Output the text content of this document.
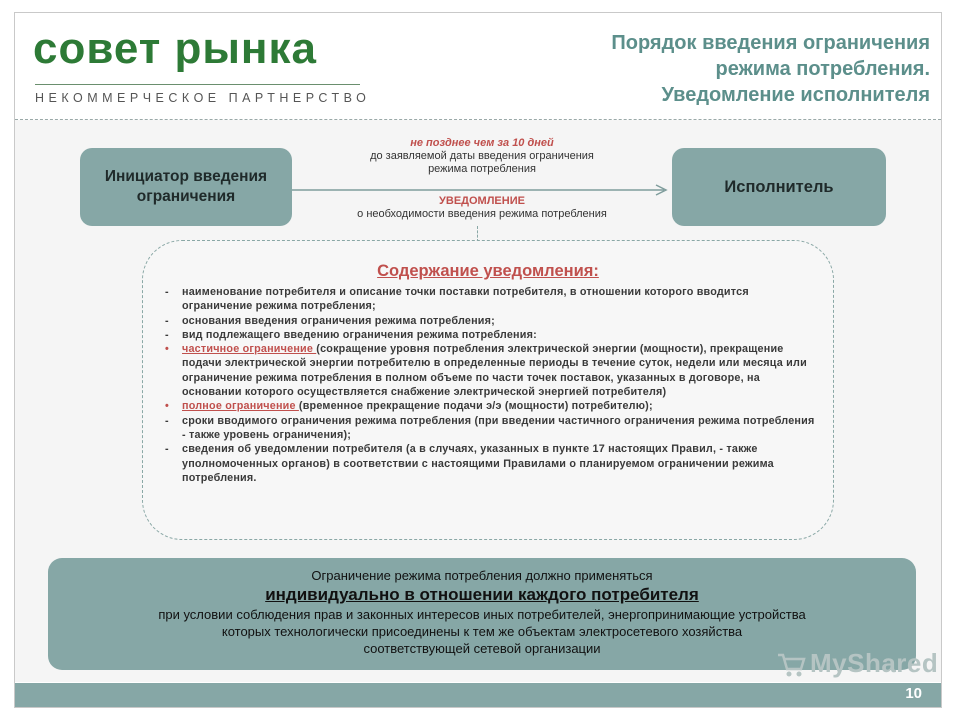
совет рынка
НЕКОММЕРЧЕСКОЕ ПАРТНЕРСТВО
Порядок введения ограничения
режима потребления.
Уведомление исполнителя
Инициатор введения ограничения
Исполнитель
не позднее чем за 10 дней
до заявляемой даты введения ограничения
режима потребления
УВЕДОМЛЕНИЕ
о необходимости введения режима потребления
Содержание уведомления:
-	наименование потребителя и описание точки поставки потребителя, в отношении которого вводится ограничение режима потребления;
-	основания введения ограничения режима потребления;
-	вид подлежащего введению ограничения режима потребления:
•	частичное ограничение (сокращение уровня потребления электрической энергии (мощности), прекращение подачи электрической энергии потребителю в определенные периоды в течение суток, недели или месяца или ограничение режима потребления в полном объеме по части точек поставок, указанных в договоре, на основании которого осуществляется снабжение электрической энергией потребителя)
•	полное ограничение (временное прекращение подачи э/э (мощности) потребителю);
-	сроки вводимого ограничения режима потребления (при введении частичного ограничения режима потребления - также уровень ограничения);
-	сведения об уведомлении потребителя (а в случаях, указанных в пункте 17 настоящих Правил, - также уполномоченных органов) в соответствии с настоящими Правилами о планируемом ограничении режима потребления.
Ограничение режима потребления должно применяться
индивидуально в отношении каждого потребителя
при условии соблюдения прав и законных интересов иных потребителей, энергопринимающие устройства
которых технологически присоединены к тем же объектам электросетевого хозяйства
соответствующей сетевой организации	MyShared
10
